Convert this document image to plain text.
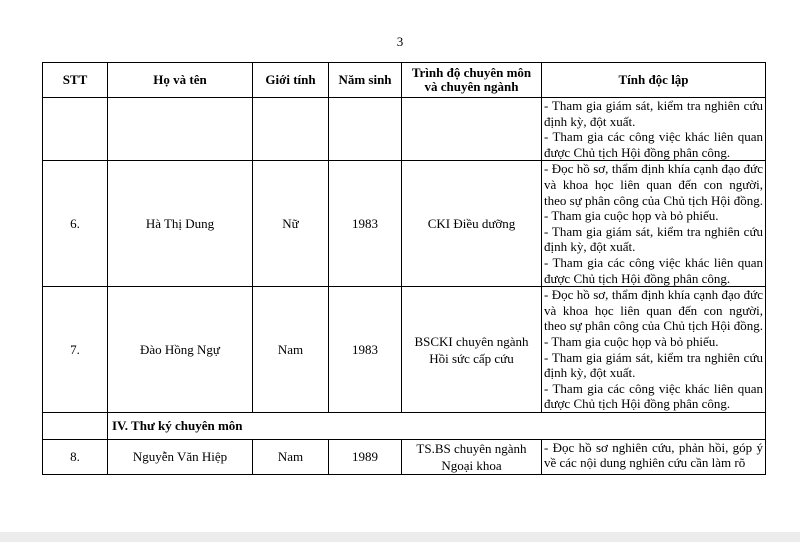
3
STT	Họ và tên	Giới tính	Năm sinh	Trình độ chuyên môn
và chuyên ngành	Tính độc lập

					- Tham gia giám sát, kiểm tra nghiên cứu định kỳ, đột xuất.
- Tham gia các công việc khác liên quan được Chủ tịch Hội đồng phân công.

6.	Hà Thị Dung	Nữ	1983	CKI Điều dưỡng	- Đọc hồ sơ, thẩm định khía cạnh đạo đức và khoa học liên quan đến con người, theo sự phân công của Chủ tịch Hội đồng.
- Tham gia cuộc họp và bỏ phiếu.
- Tham gia giám sát, kiểm tra nghiên cứu định kỳ, đột xuất.
- Tham gia các công việc khác liên quan được Chủ tịch Hội đồng phân công.

7.	Đào Hồng Ngự	Nam	1983	BSCKI chuyên ngành
Hồi sức cấp cứu	- Đọc hồ sơ, thẩm định khía cạnh đạo đức và khoa học liên quan đến con người, theo sự phân công của Chủ tịch Hội đồng.
- Tham gia cuộc họp và bỏ phiếu.
- Tham gia giám sát, kiểm tra nghiên cứu định kỳ, đột xuất.
- Tham gia các công việc khác liên quan được Chủ tịch Hội đồng phân công.

	IV. Thư ký chuyên môn				
8.	Nguyễn Văn Hiệp	Nam	1989	TS.BS chuyên ngành
Ngoại khoa	- Đọc hồ sơ nghiên cứu, phản hồi, góp ý về các nội dung nghiên cứu cần làm rõ
